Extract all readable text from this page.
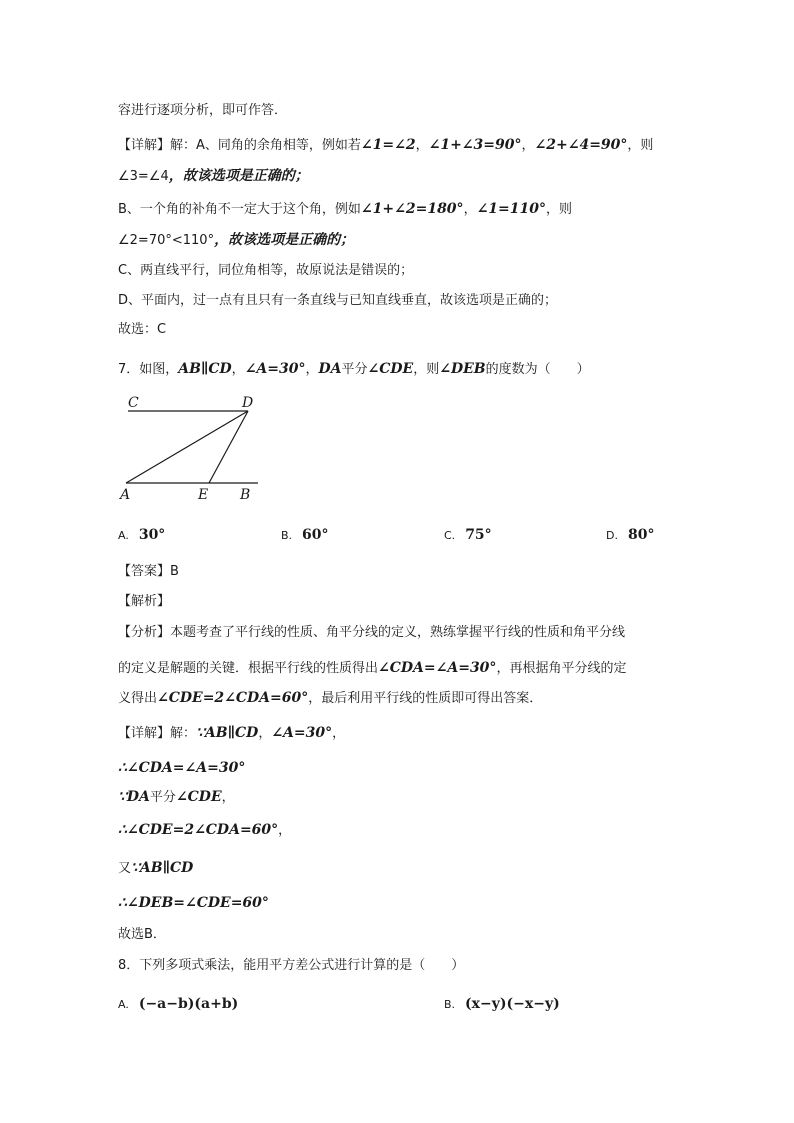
容进行逐项分析，即可作答．
【详解】解：A、同角的余角相等，例如若∠1=∠2，∠1+∠3=90°，∠2+∠4=90°，则
∠3=∠4，故该选项是正确的；
B、一个角的补角不一定大于这个角，例如∠1+∠2=180°，∠1=110°，则
∠2=70°<110°，故该选项是正确的；
C、两直线平行，同位角相等，故原说法是错误的；
D、平面内，过一点有且只有一条直线与已知直线垂直，故该选项是正确的；
故选：C
7．如图，AB∥CD，∠A=30°，DA平分∠CDE，则∠DEB的度数为（　　）
C	D
A	E B
A. 30°	B. 60°	C. 75°	D. 80°
【答案】B
【解析】
【分析】本题考查了平行线的性质、角平分线的定义，熟练掌握平行线的性质和角平分线
的定义是解题的关键．根据平行线的性质得出∠CDA=∠A=30°，再根据角平分线的定
义得出∠CDE=2∠CDA=60°，最后利用平行线的性质即可得出答案．
【详解】解：∵AB∥CD，∠A=30°，
∴∠CDA=∠A=30°
∵DA平分∠CDE，
∴∠CDE=2∠CDA=60°，
又∵AB∥CD
∴∠DEB=∠CDE=60°
故选B．
8．下列多项式乘法，能用平方差公式进行计算的是（　　）
A. (−a−b)(a+b)	B. (x−y)(−x−y)
